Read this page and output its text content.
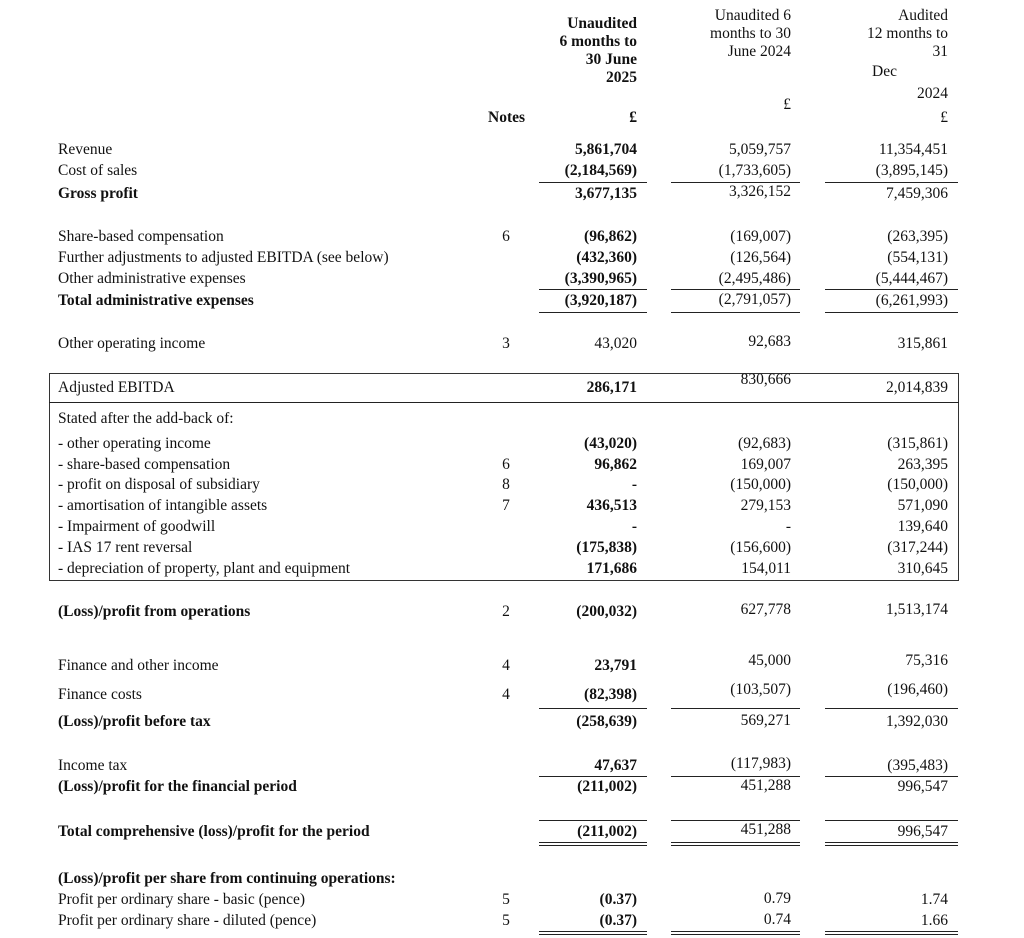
Unaudited
6 months to
30 June
2025
Unaudited 6
months to 30
June 2024
Audited
12 months to
31
Dec
2024
Notes	£
£
£
Revenue	5,861,704	5,059,757	11,354,451
Cost of sales	(2,184,569)	(1,733,605)	(3,895,145)
Gross profit	3,677,135	3,326,152	7,459,306
Share-based compensation	6	(96,862)	(169,007)	(263,395)
Further adjustments to adjusted EBITDA (see below)	(432,360)	(126,564)	(554,131)
Other administrative expenses	(3,390,965)	(2,495,486)	(5,444,467)
Total administrative expenses	(3,920,187)	(2,791,057)	(6,261,993)
Other operating income	3	43,020	92,683	315,861
Adjusted EBITDA	286,171	830,666	2,014,839
Stated after the add-back of:
- other operating income	(43,020)	(92,683)	(315,861)
- share-based compensation	6	96,862	169,007	263,395
- profit on disposal of subsidiary	8	-	(150,000)	(150,000)
- amortisation of intangible assets	7	436,513	279,153	571,090
- Impairment of goodwill	-	-	139,640
- IAS 17 rent reversal	(175,838)	(156,600)	(317,244)
- depreciation of property, plant and equipment	171,686	154,011	310,645
(Loss)/profit from operations	2	(200,032)	627,778	1,513,174
Finance and other income	4	23,791	45,000	75,316
Finance costs	4	(82,398)	(103,507)	(196,460)
(Loss)/profit before tax	(258,639)	569,271	1,392,030
Income tax	47,637	(117,983)	(395,483)
(Loss)/profit for the financial period	(211,002)	451,288	996,547
Total comprehensive (loss)/profit for the period	(211,002)	451,288	996,547
(Loss)/profit per share from continuing operations:
Profit per ordinary share - basic (pence)	5	(0.37)	0.79	1.74
Profit per ordinary share - diluted (pence)	5	(0.37)	0.74	1.66
